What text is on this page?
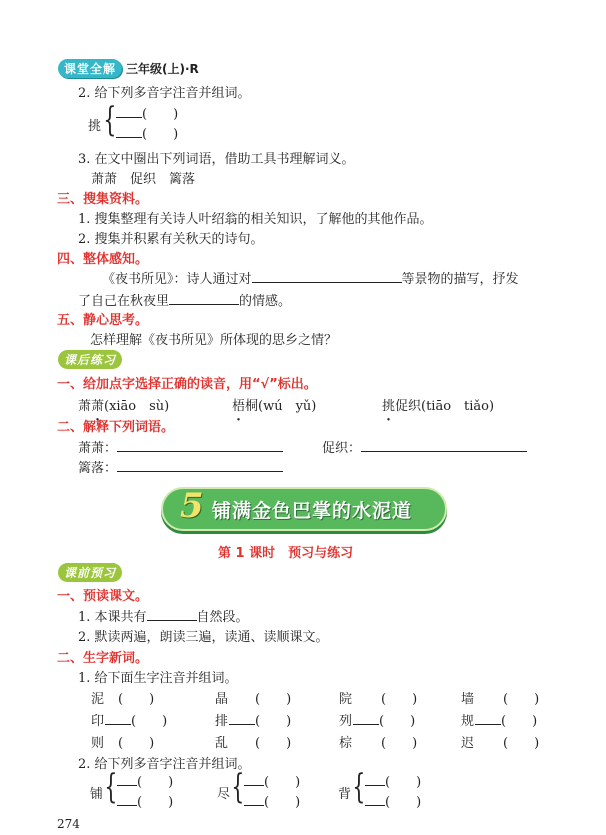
课堂全解 三年级(上)·R
2. 给下列多音字注音并组词。
挑 {	(　　)
(　　)
3. 在文中圈出下列词语，借助工具书理解词义。
萧萧　促织　篱落
三、搜集资料。
1. 搜集整理有关诗人叶绍翁的相关知识，了解他的其他作品。
2. 搜集并积累有关秋天的诗句。
四、整体感知。
《夜书所见》：诗人通过对	等景物的描写，抒发
了自己在秋夜里	的情感。
五、静心思考。
怎样理解《夜书所见》所体现的思乡之情？
课后练习
一、给加点字选择正确的读音，用“√”标出。
萧萧(xiāo　sù)	梧桐(wú　yǔ)	挑促织(tiāo　tiǎo)
二、解释下列词语。
萧萧：	促织：
篱落：
5 铺满金色巴掌的水泥道
第 1 课时　预习与练习
课前预习
一、预读课文。
1. 本课共有	自然段。
2. 默读两遍，朗读三遍，读通、读顺课文。
二、生字新词。
1. 给下面生字注音并组词。
泥 (　　)	晶 (　　)	院 (　　)	墙 (　　)
印	(　　)	排	(　　)	列	(　　)	规	(　　)
则 (　　)	乱 (　　)	棕 (　　)	迟 (　　)
2. 给下列多音字注音并组词。
铺 {	(　　)
(　　)
尽 {	(　　)
(　　)
背 {	(　　)
(　　)
274
